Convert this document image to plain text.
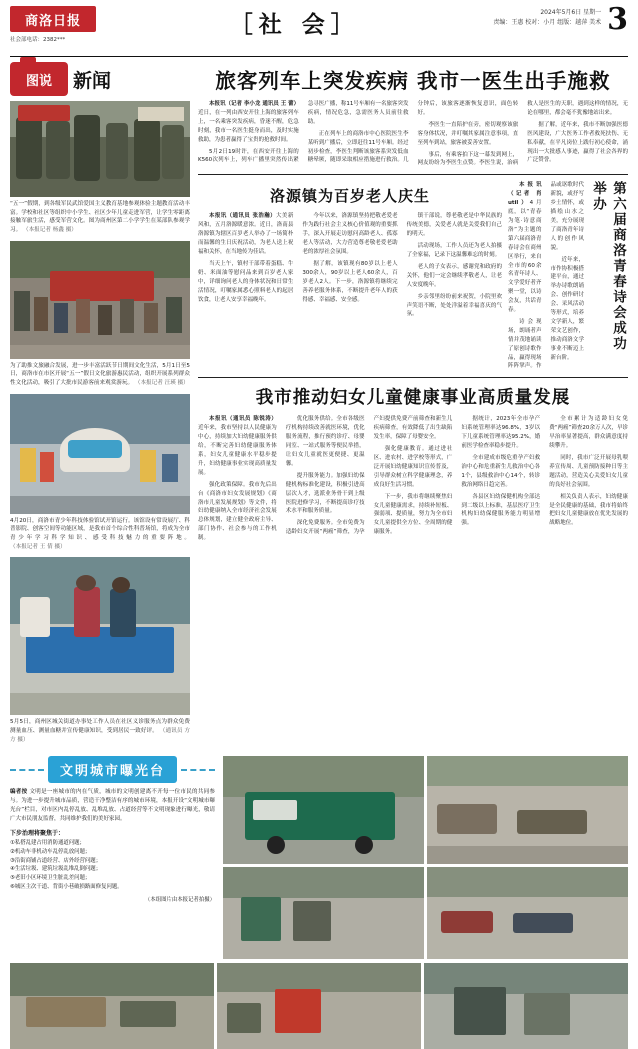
商洛日报
社会部电话：2382***
［社 会］	2024年5月6日 星期一
责编：王惠 校对：小月 组版：越萍 美术 3
图说	新闻
“五一”假期，到各级军民武馆爱国主义教育基地参观体验主题教育活动丰富。学校和社区等组织中小学生、社区少年儿童走进军营，让学生零距离接触军旅生活，感受军营文化。图为商州区第二小学学生在某部队参观学习。 （本报记者 杨鑫 摄）
为了助推文旅融合发展，进一步丰富活跃节日期间文化生活，5月1日至5日，商洛市在市区开展“五一”假日文化旅游惠民活动，组织开展系列群众性文化活动，吸引了大批市民游客前来观赏游玩。 （本报记者 汪瑛 摄）
4月20日，商洛市青少年科技体验馆试开馆运行。该馆设有常设展厅、科普影院、创客空间等功能区域，是我市首个综合性科普场馆，将成为全市青少年学习科学知识、感受科技魅力的重要阵地。 （本报记者 王 倩 摄）
5月5日，商州区城关街道办事处工作人员在社区义诊服务点为群众免费测量血压、测量血糖并宣传健康知识，受到居民一致好评。 （通讯员 方 方 摄）
旅客列车上突发疾病 我市一医生出手施救

本报讯（记者 李小龙 通讯员 王 蕾）近日，在一列由西安开往上海的旅客列车上，一名乘客突发疾病，昏迷不醒，危急时刻，我市一名医生挺身而出，及时实施救助，为患者赢得了宝贵的抢救时间。

5月2日19时许，在西安开往上海的K560次列车上，列车广播里突然传出紧急寻医广播，称11号车厢有一名旅客突发疾病，情况危急，急需医务人员前往救助。

正在列车上的商洛市中心医院医生李某听到广播后，立即赶往11号车厢。经过初步检查，李医生判断该旅客系突发低血糖晕厥，随即采取相应措施进行救治。几分钟后，该旅客逐渐恢复意识，面色转好。

李医生一直陪护在旁，密切观察该旅客身体状况，并叮嘱其家属注意事项，直至列车到站，旅客被妥善安置。

事后，有乘客拍下这一幕发到网上，网友纷纷为李医生点赞。李医生说，治病救人是医生的天职，遇到这样的情况，无论在哪里，都会毫不犹豫地站出来。

据了解，近年来，我市不断加强医德医风建设，广大医务工作者救死扶伤、无私奉献，在平凡岗位上践行初心使命，涌现出一大批感人事迹，赢得了社会各界的广泛赞誉。

洛源镇为百岁老人庆生

本报讯（通讯员 张浩瀚）大美新风和，五月洛源暖意浓。近日，洛南县洛源镇为辖区百岁老人举办了一场简朴而温馨的生日庆祝活动，为老人送上祝福和关怀，在当地传为佳话。

当天上午，镇村干部带着蛋糕、牛奶、米面油等慰问品来到百岁老人家中，详细询问老人的身体状况和日常生活情况，叮嘱家属悉心照料老人的起居饮食，让老人安享幸福晚年。

今年以来，洛源镇坚持把敬老爱老作为践行社会主义核心价值观的重要抓手，深入开展走访慰问高龄老人、孤寡老人等活动，大力营造尊老敬老爱老助老的浓厚社会氛围。

据了解，该镇现有80岁以上老人300余人，90岁以上老人60余人，百岁老人2人。下一步，洛源镇将继续完善养老服务体系，不断提升老年人的获得感、幸福感、安全感。

镇干部说，尊老敬老是中华民族的传统美德，关爱老人就是关爱我们自己的明天。

活动现场，工作人员还为老人拍摄了全家福，记录下这温馨难忘的时刻。

老人的子女表示，感谢党和政府的关怀，他们一定会继续孝敬老人，让老人安度晚年。

乡亲邻里纷纷前来祝贺，小院里欢声笑语不断，处处洋溢着幸福喜庆的气氛。

本报讯（记者 肖util）4月底，以“青春为笔·诗意商洛”为主题的第六届商洛青春诗会在商州区举行，来自全市的60余名青年诗人、文学爱好者齐聚一堂，以诗会友，共话青春。

诗会现场，朗诵者声情并茂地诵读了原创诗歌作品，赢得现场阵阵掌声。作品或讴歌时代新貌，或抒写乡土情怀，或描绘山水之美，充分展现了商洛青年诗人的创作风貌。

近年来，市作协积极搭建平台，通过举办诗歌朗诵会、创作研讨会、采风活动等形式，培养文学新人，繁荣文艺创作，推动商洛文学事业不断迈上新台阶。

第六届商洛青春诗会成功举办
我市推动妇女儿童健康事业高质量发展

本报讯（通讯员 陈锐涛）近年来，我市坚持以人民健康为中心，持续加大妇幼健康服务供给，不断完善妇幼健康服务体系，妇女儿童健康水平稳步提升，妇幼健康事业实现高质量发展。

强化政策保障。我市先后出台《商洛市妇女发展规划》《商洛市儿童发展规划》等文件，将妇幼健康纳入全市经济社会发展总体规划，建立健全政府主导、部门协作、社会参与的工作机制。

优化服务供给。全市各级医疗机构持续改善就医环境，优化服务流程，推行预约诊疗、母婴同室、一站式服务等便民举措，让妇女儿童就医更便捷、更温馨。

提升服务能力。加强妇幼保健机构标准化建设，积极引进高层次人才，选派业务骨干到上级医院进修学习，不断提高诊疗技术水平和服务质量。

深化免费服务。全市免费为适龄妇女开展“两癌”筛查，为孕产妇提供免费产前筛查和新生儿疾病筛查，有效降低了出生缺陷发生率，保障了母婴安全。

强化健康教育。通过进社区、进农村、进学校等形式，广泛开展妇幼健康知识宣传普及，引导群众树立科学健康理念，养成良好生活习惯。

下一步，我市将继续聚焦妇女儿童健康需求，持续补短板、强弱项、提质量，努力为全市妇女儿童提供全方位、全周期的健康服务。

据统计，2023年全市孕产妇系统管理率达96.8%，3岁以下儿童系统管理率达95.2%，婚前医学检查率稳步提升。

全市建成市级危重孕产妇救治中心和危重新生儿救治中心各1个，县级救治中心14个，转诊救治网络日趋完善。

各县区妇幼保健机构全部达到二级以上标准，基层医疗卫生机构妇幼保健服务能力明显增强。

全市累计为适龄妇女免费“两癌”筛查20余万人次，早诊早治率显著提高，群众满意度持续攀升。

同时，我市广泛开展母乳喂养宣传周、儿童预防接种日等主题活动，营造关心关爱妇女儿童的良好社会氛围。

相关负责人表示，妇幼健康是全民健康的基础，我市将始终把妇女儿童健康放在优先发展的战略地位。

文明城市曝光台
编者按 文明是一座城市的内在气质，城市的文明创建离不开每一位市民的共同参与。为进一步提升城市品质，营造干净整洁有序的城市环境，本报开设“文明城市曝光台”栏目，对市区内乱停乱放、乱堆乱放、占道经营等不文明现象进行曝光，敬请广大市民朋友监督，共同维护我们的美好家园。
下步治理将聚焦于：
①私搭乱建占用消防通道问题；
②机动车非机动车乱停乱放问题；
③沿街商铺占道经营、店外经营问题；
④生活垃圾、建筑垃圾乱堆乱倒问题；
⑤老旧小区环境卫生脏乱差问题；
⑥城区主次干道、背街小巷破损路面修复问题。
（本组图片由本报记者拍摄）
